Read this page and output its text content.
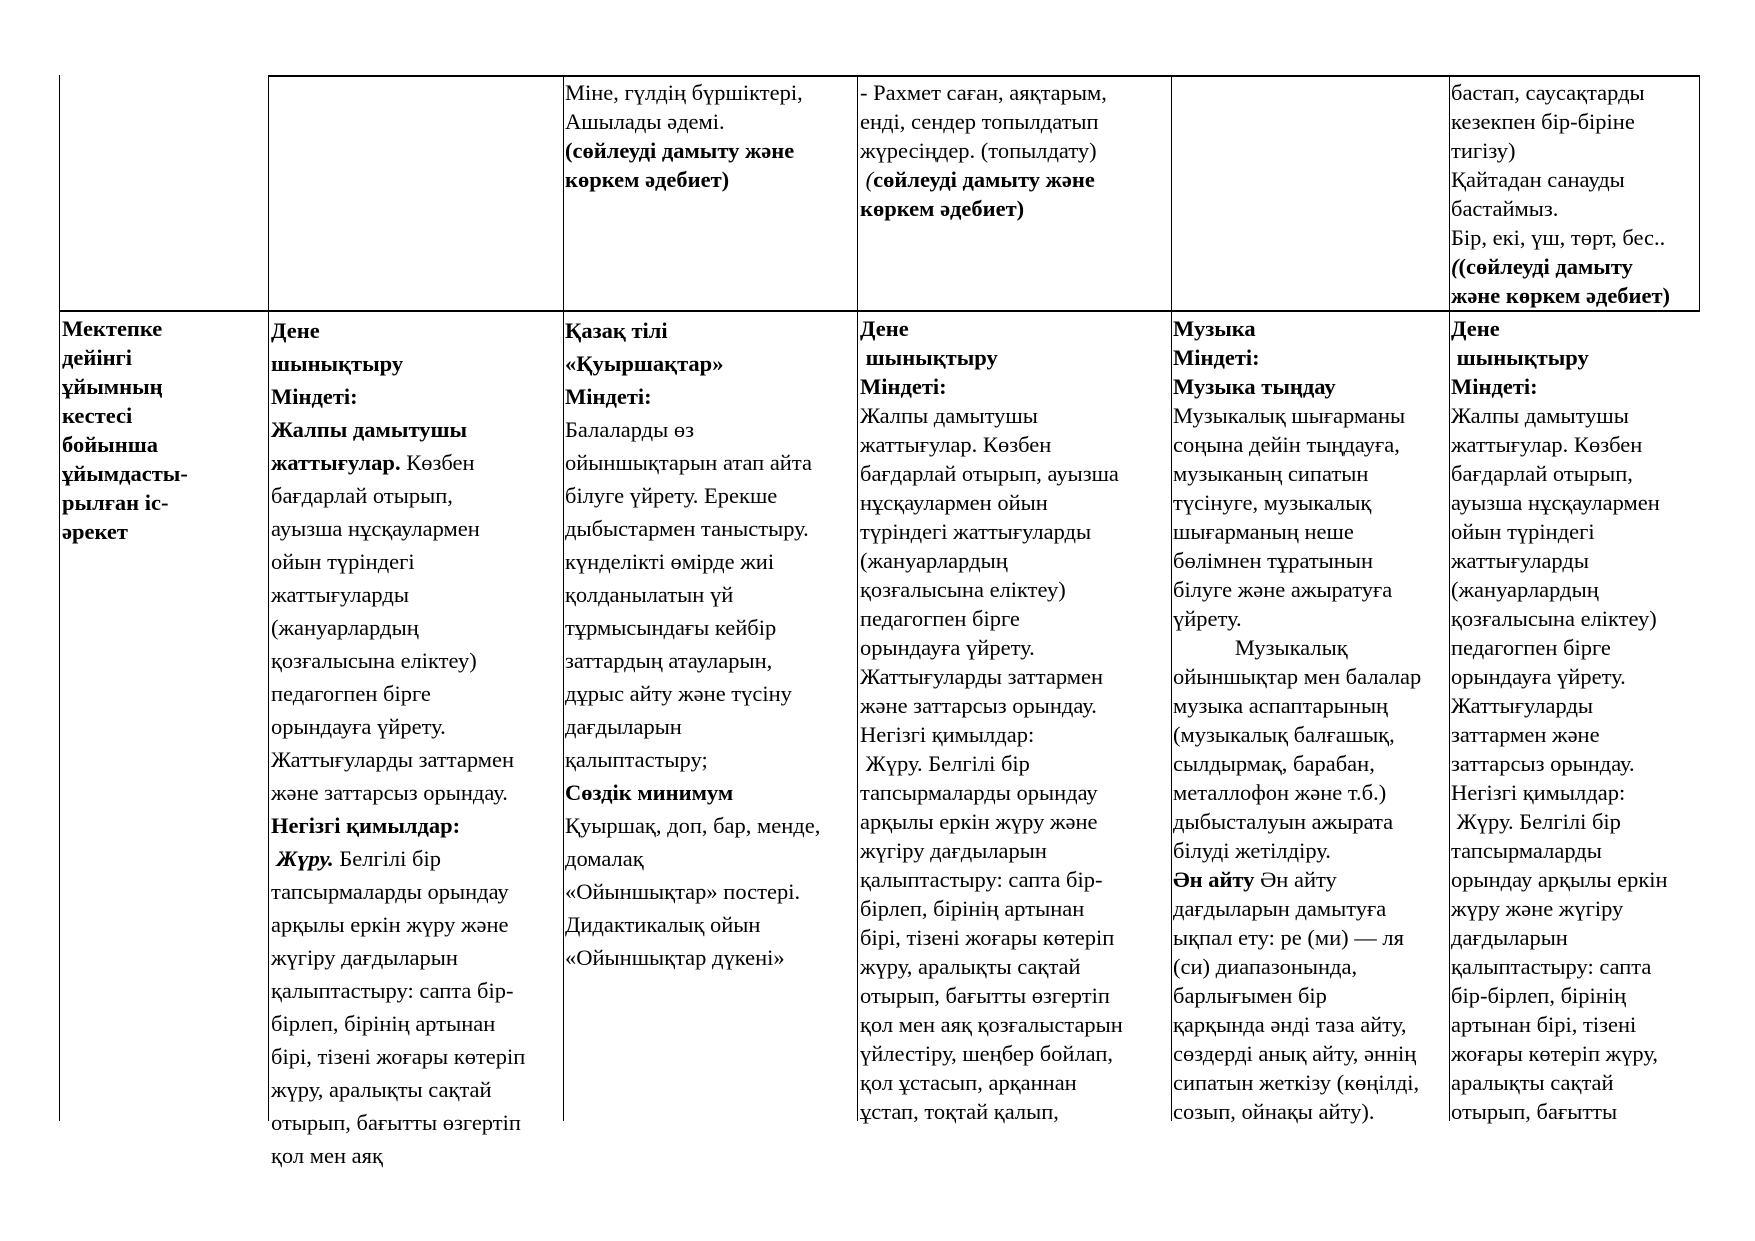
Міне, гүлдің бүршіктері,
Ашылады әдемі.
(сөйлеуді дамыту және
көркем әдебиет)
- Рахмет саған, аяқтарым,
енді, сендер топылдатып
жүресіңдер. (топылдату)
(сөйлеуді дамыту және
көркем әдебиет)
бастап, саусақтарды
кезекпен бір-біріне
тигізу)
Қайтадан санауды
бастаймыз.
Бір, екі, үш, төрт, бес..
((сөйлеуді дамыту
және көркем әдебиет)
Мектепке
дейінгі
ұйымның
кестесі
бойынша
ұйымдасты-
рылған іс-
әрекет
Дене
шынықтыру
Міндеті:
Жалпы дамытушы
жаттығулар. Көзбен
бағдарлай отырып,
ауызша нұсқаулармен
ойын түріндегі
жаттығуларды
(жануарлардың
қозғалысына еліктеу)
педагогпен бірге
орындауға үйрету.
Жаттығуларды заттармен
және заттарсыз орындау.
Негізгі қимылдар:
Жүру. Белгілі бір
тапсырмаларды орындау
арқылы еркін жүру және
жүгіру дағдыларын
қалыптастыру: сапта бір-
бірлеп, бірінің артынан
бірі, тізені жоғары көтеріп
жүру, аралықты сақтай
отырып, бағытты өзгертіп
қол мен аяқ
Қазақ тілі
«Қуыршақтар»
Міндеті:
Балаларды өз
ойыншықтарын атап айта
білуге үйрету. Ерекше
дыбыстармен таныстыру.
күнделікті өмірде жиі
қолданылатын үй
тұрмысындағы кейбір
заттардың атауларын,
дұрыс айту және түсіну
дағдыларын
қалыптастыру;
Сөздік минимум
Қуыршақ, доп, бар, менде,
домалақ
«Ойыншықтар» постері.
Дидактикалық ойын
«Ойыншықтар дүкені»
Дене
шынықтыру
Міндеті:
Жалпы дамытушы
жаттығулар. Көзбен
бағдарлай отырып, ауызша
нұсқаулармен ойын
түріндегі жаттығуларды
(жануарлардың
қозғалысына еліктеу)
педагогпен бірге
орындауға үйрету.
Жаттығуларды заттармен
және заттарсыз орындау.
Негізгі қимылдар:
Жүру. Белгілі бір
тапсырмаларды орындау
арқылы еркін жүру және
жүгіру дағдыларын
қалыптастыру: сапта бір-
бірлеп, бірінің артынан
бірі, тізені жоғары көтеріп
жүру, аралықты сақтай
отырып, бағытты өзгертіп
қол мен аяқ қозғалыстарын
үйлестіру, шеңбер бойлап,
қол ұстасып, арқаннан
ұстап, тоқтай қалып,
Музыка
Міндеті:
Музыка тыңдау
Музыкалық шығарманы
соңына дейін тыңдауға,
музыканың сипатын
түсінуге, музыкалық
шығарманың неше
бөлімнен тұратынын
білуге және ажыратуға
үйрету.
Музыкалық
ойыншықтар мен балалар
музыка аспаптарының
(музыкалық балғашық,
сылдырмақ, барабан,
металлофон және т.б.)
дыбысталуын ажырата
білуді жетілдіру.
Ән айту Ән айту
дағдыларын дамытуға
ықпал ету: ре (ми) — ля
(си) диапазонында,
барлығымен бір
қарқында әнді таза айту,
сөздерді анық айту, әннің
сипатын жеткізу (көңілді,
созып, ойнақы айту).
Дене
шынықтыру
Міндеті:
Жалпы дамытушы
жаттығулар. Көзбен
бағдарлай отырып,
ауызша нұсқаулармен
ойын түріндегі
жаттығуларды
(жануарлардың
қозғалысына еліктеу)
педагогпен бірге
орындауға үйрету.
Жаттығуларды
заттармен және
заттарсыз орындау.
Негізгі қимылдар:
Жүру. Белгілі бір
тапсырмаларды
орындау арқылы еркін
жүру және жүгіру
дағдыларын
қалыптастыру: сапта
бір-бірлеп, бірінің
артынан бірі, тізені
жоғары көтеріп жүру,
аралықты сақтай
отырып, бағытты
